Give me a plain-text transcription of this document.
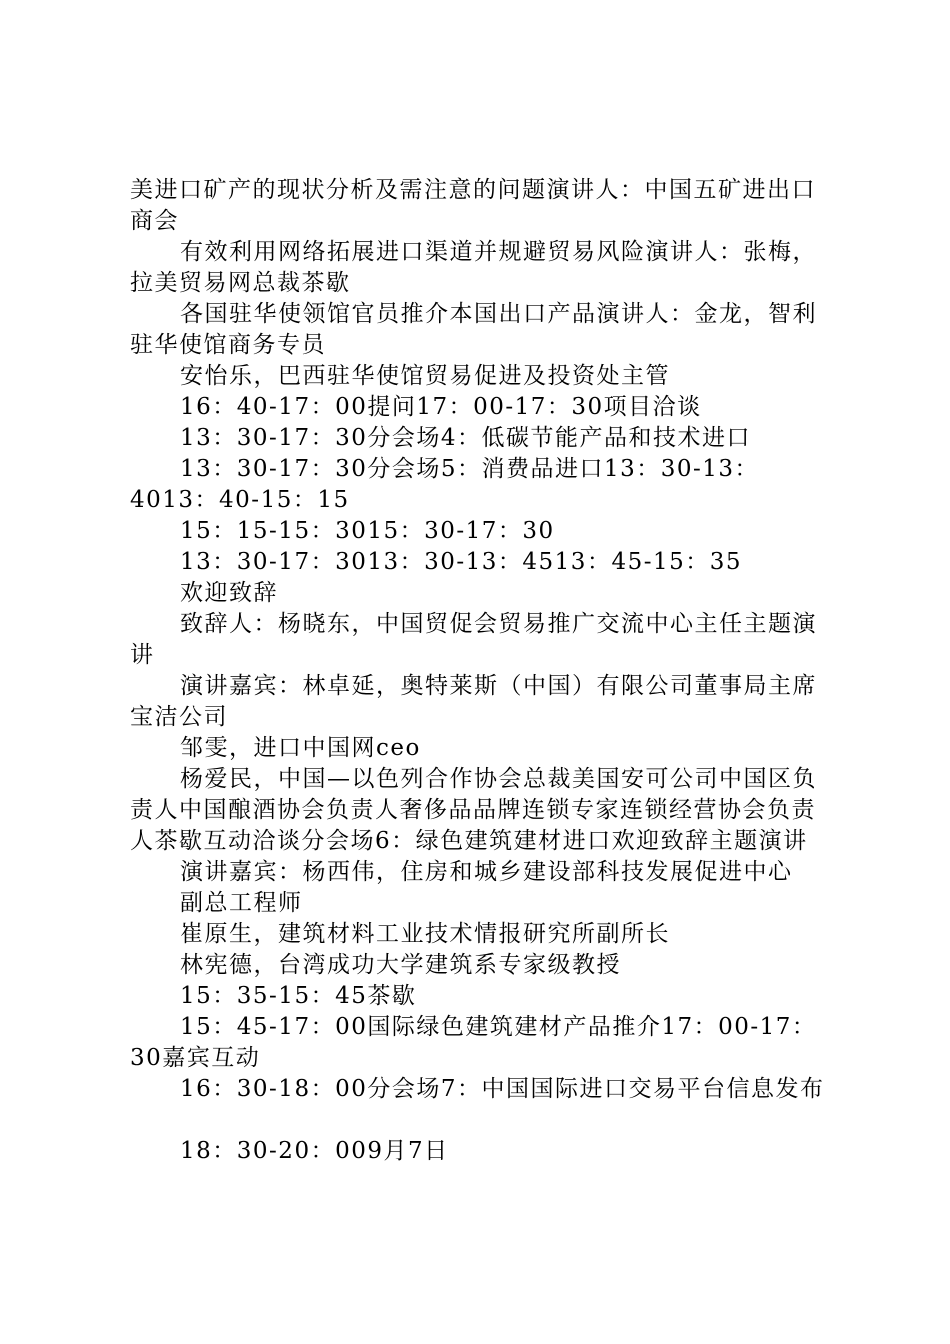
美进口矿产的现状分析及需注意的问题演讲人：中国五矿进出口商会

有效利用网络拓展进口渠道并规避贸易风险演讲人：张梅，拉美贸易网总裁茶歇

各国驻华使领馆官员推介本国出口产品演讲人：金龙，智利驻华使馆商务专员

安怡乐，巴西驻华使馆贸易促进及投资处主管

16：40-17：00提问17：00-17：30项目洽谈

13：30-17：30分会场4：低碳节能产品和技术进口

13：30-17：30分会场5：消费品进口13：30-13：4013：40-15：15

15：15-15：3015：30-17：30

13：30-17：3013：30-13：4513：45-15：35

欢迎致辞

致辞人：杨晓东，中国贸促会贸易推广交流中心主任主题演讲

演讲嘉宾：林卓延，奥特莱斯（中国）有限公司董事局主席宝洁公司

邹雯，进口中国网ceo

杨爱民，中国—以色列合作协会总裁美国安可公司中国区负责人中国酿酒协会负责人奢侈品品牌连锁专家连锁经营协会负责人茶歇互动洽谈分会场6：绿色建筑建材进口欢迎致辞主题演讲

演讲嘉宾：杨西伟，住房和城乡建设部科技发展促进中心

副总工程师

崔原生，建筑材料工业技术情报研究所副所长

林宪德，台湾成功大学建筑系专家级教授

15：35-15：45茶歇

15：45-17：00国际绿色建筑建材产品推介17：00-17：30嘉宾互动

16：30-18：00分会场7：中国国际进口交易平台信息发布

18：30-20：009月7日
